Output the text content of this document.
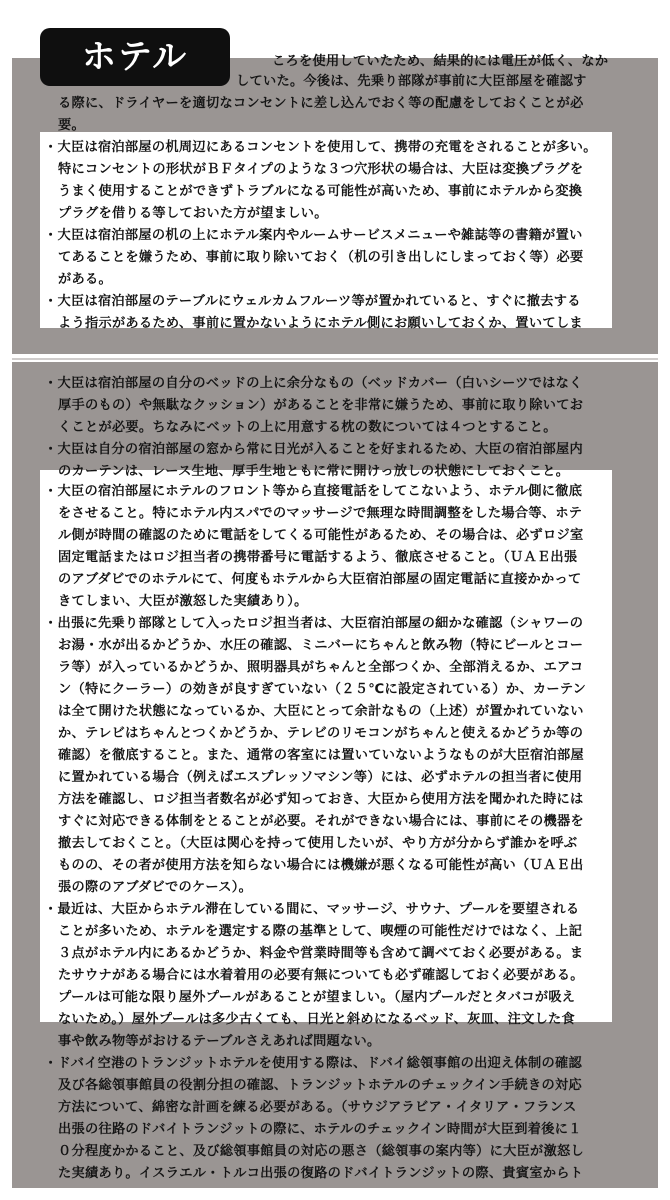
ホテル	ころを使用していたため、結果的には電圧が低く、なか
していた。今後は、先乗り部隊が事前に大臣部屋を確認す
る際に、ドライヤーを適切なコンセントに差し込んでおく等の配慮をしておくことが必
要。
・大臣は宿泊部屋の机周辺にあるコンセントを使用して、携帯の充電をされることが多い。
特にコンセントの形状がＢＦタイプのような３つ穴形状の場合は、大臣は変換プラグを
うまく使用することができずトラブルになる可能性が高いため、事前にホテルから変換
プラグを借りる等しておいた方が望ましい。
・大臣は宿泊部屋の机の上にホテル案内やルームサービスメニューや雑誌等の書籍が置い
てあることを嫌うため、事前に取り除いておく（机の引き出しにしまっておく等）必要
がある。
・大臣は宿泊部屋のテーブルにウェルカムフルーツ等が置かれていると、すぐに撤去する
よう指示があるため、事前に置かないようにホテル側にお願いしておくか、置いてしま
・大臣は宿泊部屋の自分のベッドの上に余分なもの（ベッドカバー（白いシーツではなく
厚手のもの）や無駄なクッション）があることを非常に嫌うため、事前に取り除いてお
くことが必要。ちなみにベットの上に用意する枕の数については４つとすること。
・大臣は自分の宿泊部屋の窓から常に日光が入ることを好まれるため、大臣の宿泊部屋内
のカーテンは、レース生地、厚手生地ともに常に開けっ放しの状態にしておくこと。
・大臣の宿泊部屋にホテルのフロント等から直接電話をしてこないよう、ホテル側に徹底
をさせること。特にホテル内スパでのマッサージで無理な時間調整をした場合等、ホテ
ル側が時間の確認のために電話をしてくる可能性があるため、その場合は、必ずロジ室
固定電話またはロジ担当者の携帯番号に電話するよう、徹底させること。（ＵＡＥ出張
のアブダビでのホテルにて、何度もホテルから大臣宿泊部屋の固定電話に直接かかって
きてしまい、大臣が激怒した実績あり）。
・出張に先乗り部隊として入ったロジ担当者は、大臣宿泊部屋の細かな確認（シャワーの
お湯・水が出るかどうか、水圧の確認、ミニバーにちゃんと飲み物（特にビールとコー
ラ等）が入っているかどうか、照明器具がちゃんと全部つくか、全部消えるか、エアコ
ン（特にクーラー）の効きが良すぎていない（２５℃に設定されている）か、カーテン
は全て開けた状態になっているか、大臣にとって余計なもの（上述）が置かれていない
か、テレビはちゃんとつくかどうか、テレビのリモコンがちゃんと使えるかどうか等の
確認）を徹底すること。また、通常の客室には置いていないようなものが大臣宿泊部屋
に置かれている場合（例えばエスプレッソマシン等）には、必ずホテルの担当者に使用
方法を確認し、ロジ担当者数名が必ず知っておき、大臣から使用方法を聞かれた時には
すぐに対応できる体制をとることが必要。それができない場合には、事前にその機器を
撤去しておくこと。（大臣は関心を持って使用したいが、やり方が分からず誰かを呼ぶ
ものの、その者が使用方法を知らない場合には機嫌が悪くなる可能性が高い（ＵＡＥ出
張の際のアブダビでのケース）。
・最近は、大臣からホテル滞在している間に、マッサージ、サウナ、プールを要望される
ことが多いため、ホテルを選定する際の基準として、喫煙の可能性だけではなく、上記
３点がホテル内にあるかどうか、料金や営業時間等も含めて調べておく必要がある。ま
たサウナがある場合には水着着用の必要有無についても必ず確認しておく必要がある。
プールは可能な限り屋外プールがあることが望ましい。（屋内プールだとタバコが吸え
ないため。）屋外プールは多少古くても、日光と斜めになるベッド、灰皿、注文した食
事や飲み物等がおけるテーブルさえあれば問題ない。
・ドバイ空港のトランジットホテルを使用する際は、ドバイ総領事館の出迎え体制の確認
及び各総領事館員の役割分担の確認、トランジットホテルのチェックイン手続きの対応
方法について、綿密な計画を練る必要がある。（サウジアラビア・イタリア・フランス
出張の往路のドバイトランジットの際に、ホテルのチェックイン時間が大臣到着後に１
０分程度かかること、及び総領事館員の対応の悪さ（総領事の案内等）に大臣が激怒し
た実績あり。イスラエル・トルコ出張の復路のドバイトランジットの際、貴賓室からト
